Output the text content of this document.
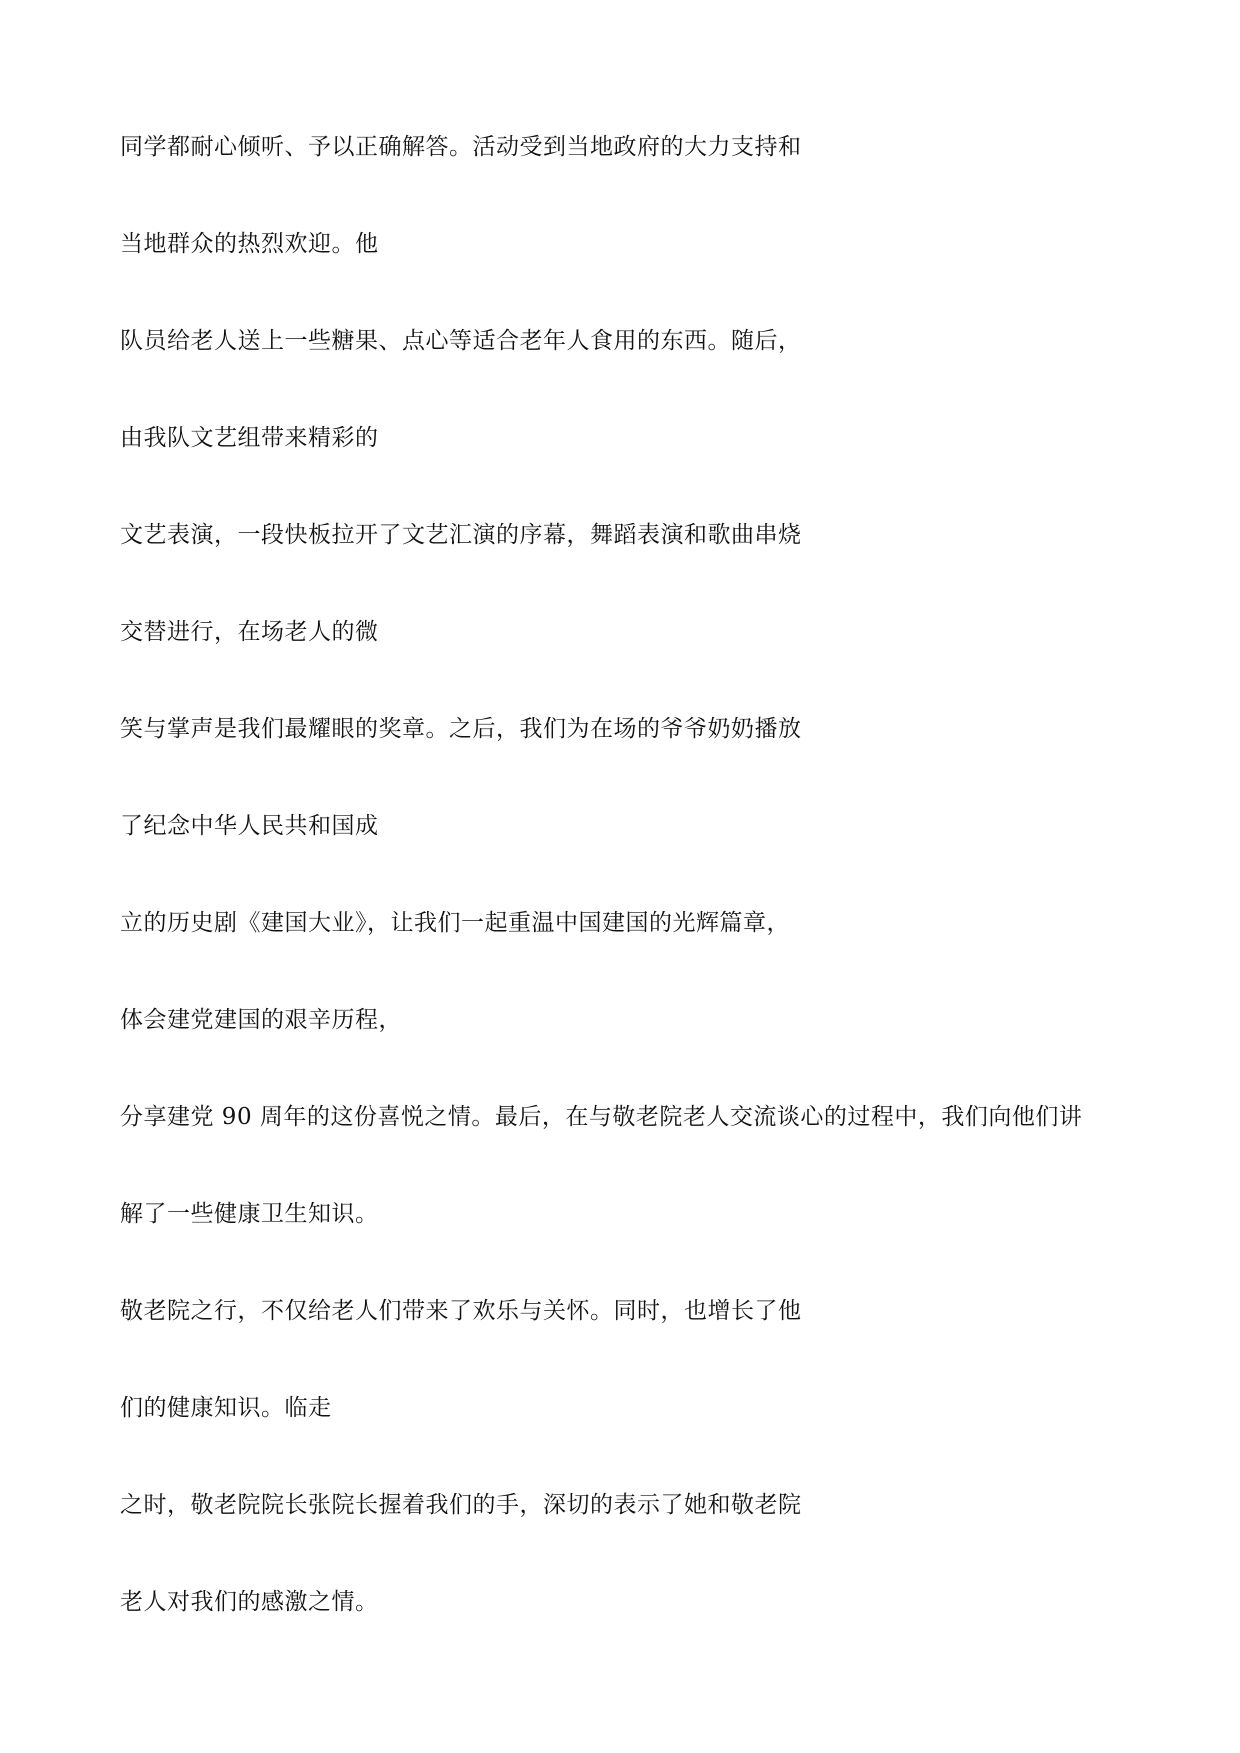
同学都耐心倾听、予以正确解答。活动受到当地政府的大力支持和

当地群众的热烈欢迎。他

队员给老人送上一些糖果、点心等适合老年人食用的东西。随后，

由我队文艺组带来精彩的

文艺表演，一段快板拉开了文艺汇演的序幕，舞蹈表演和歌曲串烧

交替进行，在场老人的微

笑与掌声是我们最耀眼的奖章。之后，我们为在场的爷爷奶奶播放

了纪念中华人民共和国成

立的历史剧《建国大业》，让我们一起重温中国建国的光辉篇章，

体会建党建国的艰辛历程，

分享建党 90 周年的这份喜悦之情。最后，在与敬老院老人交流谈心的过程中，我们向他们讲

解了一些健康卫生知识。

敬老院之行，不仅给老人们带来了欢乐与关怀。同时，也增长了他

们的健康知识。临走

之时，敬老院院长张院长握着我们的手，深切的表示了她和敬老院

老人对我们的感激之情。
